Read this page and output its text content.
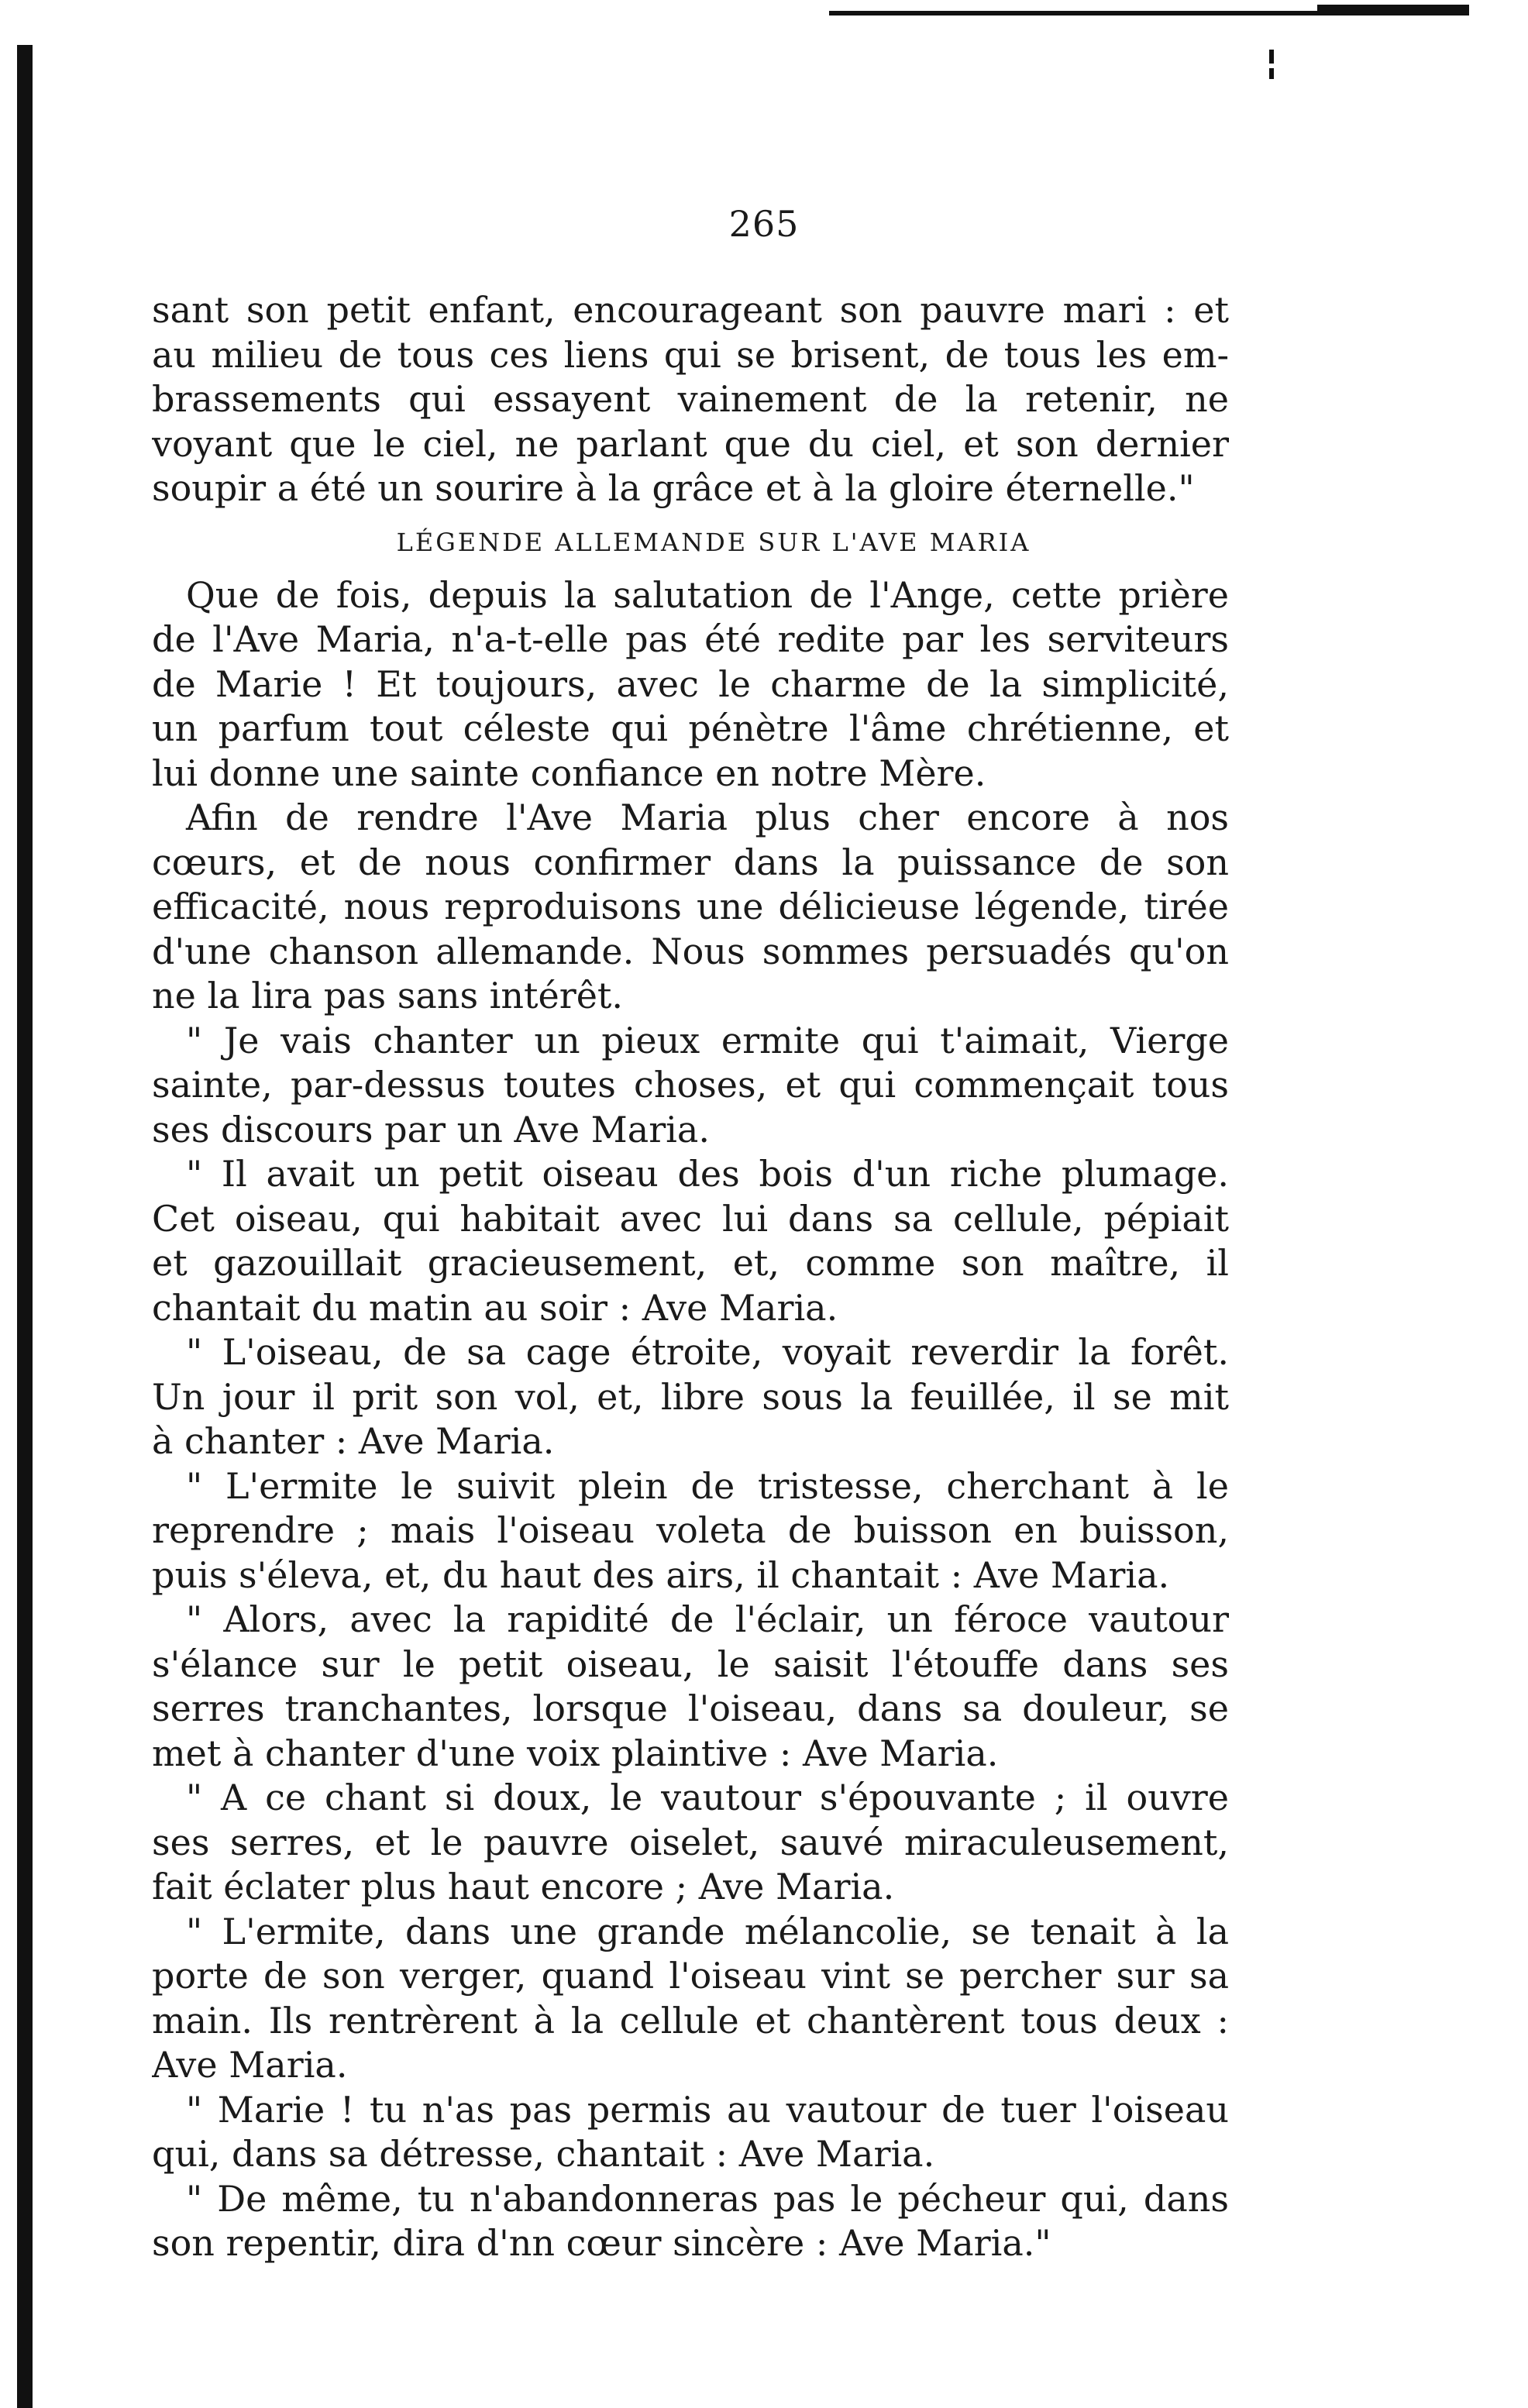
265
sant son petit enfant, encourageant son pauvre mari : et
au milieu de tous ces liens qui se brisent, de tous les em-
brassements qui essayent vainement de la retenir, ne
voyant que le ciel, ne parlant que du ciel, et son dernier
soupir a été un sourire à la grâce et à la gloire éternelle."
LÉGENDE ALLEMANDE SUR L'AVE MARIA
Que de fois, depuis la salutation de l'Ange, cette prière
de l'Ave Maria, n'a-t-elle pas été redite par les serviteurs
de Marie ! Et toujours, avec le charme de la simplicité,
un parfum tout céleste qui pénètre l'âme chrétienne, et
lui donne une sainte confiance en notre Mère.
Afin de rendre l'Ave Maria plus cher encore à nos
cœurs, et de nous confirmer dans la puissance de son
efficacité, nous reproduisons une délicieuse légende, tirée
d'une chanson allemande. Nous sommes persuadés qu'on
ne la lira pas sans intérêt.
" Je vais chanter un pieux ermite qui t'aimait, Vierge
sainte, par-dessus toutes choses, et qui commençait tous
ses discours par un Ave Maria.
" Il avait un petit oiseau des bois d'un riche plumage.
Cet oiseau, qui habitait avec lui dans sa cellule, pépiait
et gazouillait gracieusement, et, comme son maître, il
chantait du matin au soir : Ave Maria.
" L'oiseau, de sa cage étroite, voyait reverdir la forêt.
Un jour il prit son vol, et, libre sous la feuillée, il se mit
à chanter : Ave Maria.
" L'ermite le suivit plein de tristesse, cherchant à le
reprendre ; mais l'oiseau voleta de buisson en buisson,
puis s'éleva, et, du haut des airs, il chantait : Ave Maria.
" Alors, avec la rapidité de l'éclair, un féroce vautour
s'élance sur le petit oiseau, le saisit l'étouffe dans ses
serres tranchantes, lorsque l'oiseau, dans sa douleur, se
met à chanter d'une voix plaintive : Ave Maria.
" A ce chant si doux, le vautour s'épouvante ; il ouvre
ses serres, et le pauvre oiselet, sauvé miraculeusement,
fait éclater plus haut encore ; Ave Maria.
" L'ermite, dans une grande mélancolie, se tenait à la
porte de son verger, quand l'oiseau vint se percher sur sa
main. Ils rentrèrent à la cellule et chantèrent tous deux :
Ave Maria.
" Marie ! tu n'as pas permis au vautour de tuer l'oiseau
qui, dans sa détresse, chantait : Ave Maria.
" De même, tu n'abandonneras pas le pécheur qui, dans
son repentir, dira d'nn cœur sincère : Ave Maria."
